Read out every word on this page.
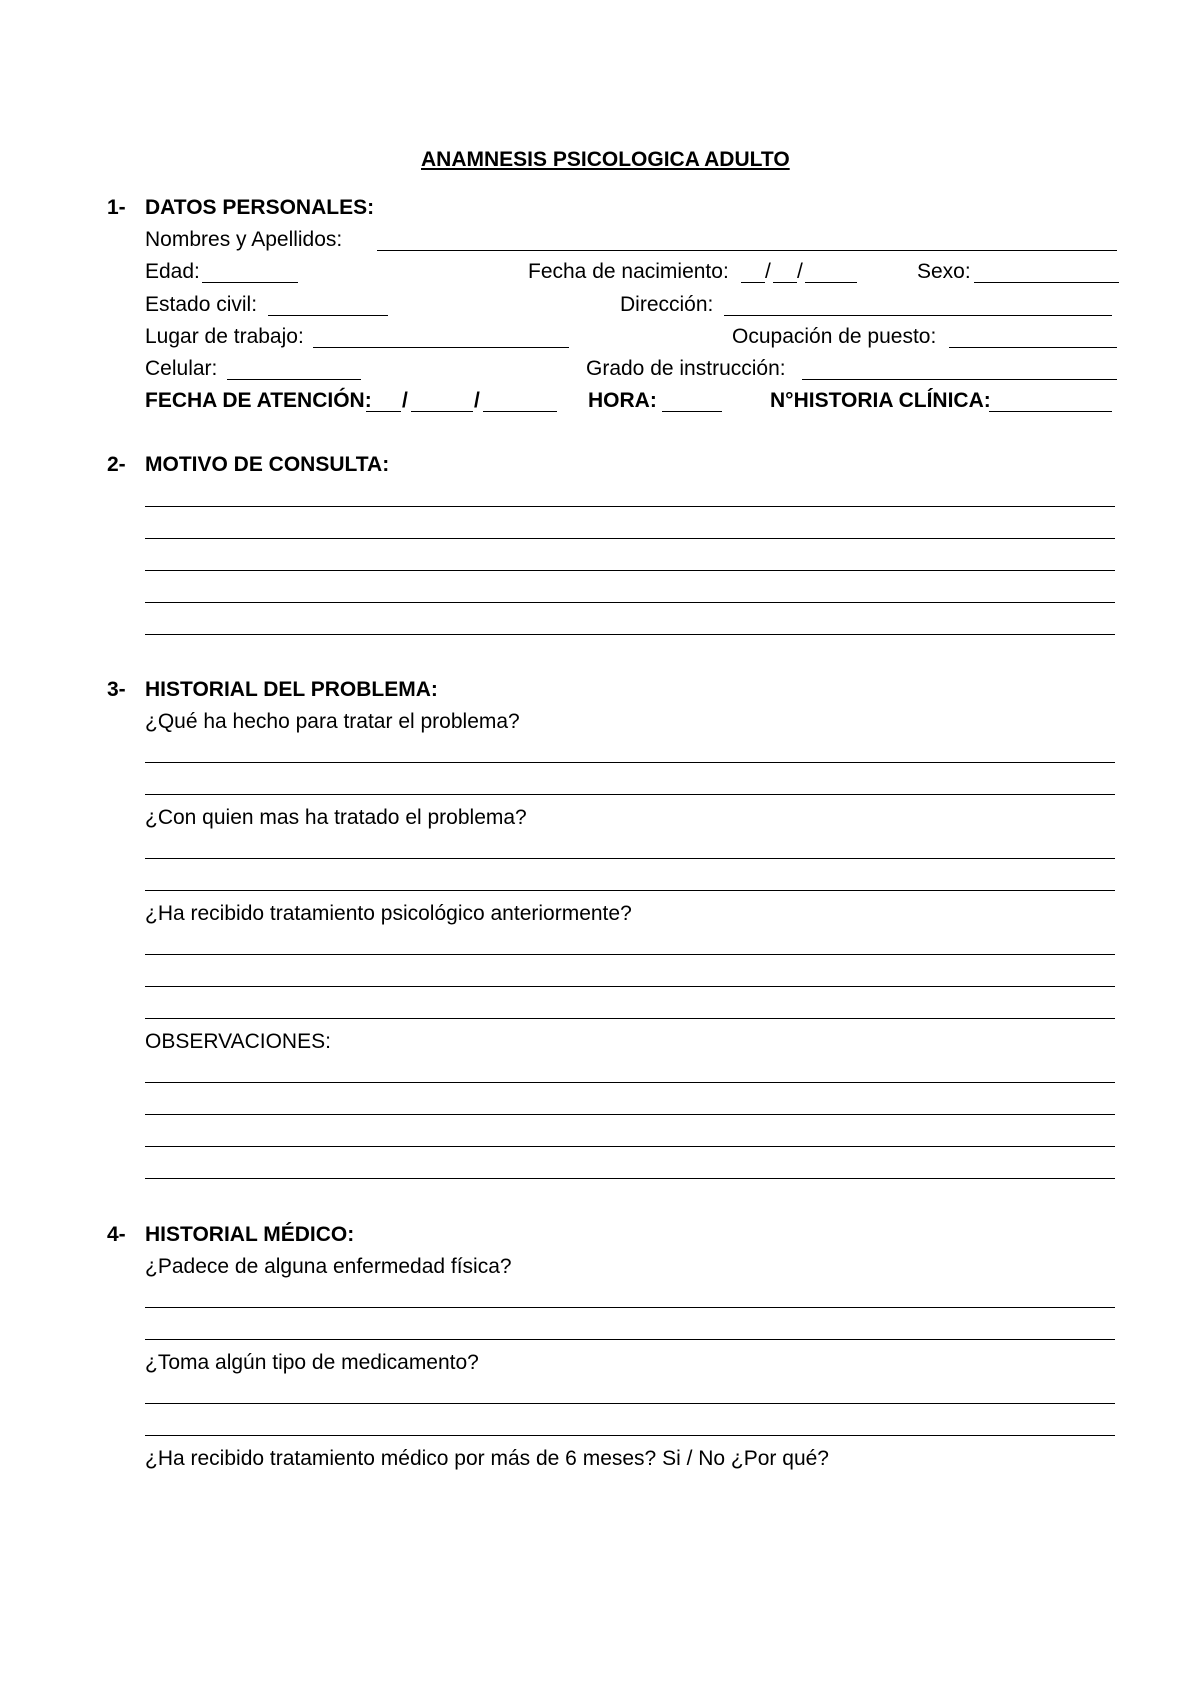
ANAMNESIS PSICOLOGICA ADULTO
1- DATOS PERSONALES:
Nombres y Apellidos:
Edad:	Fecha de nacimiento: / /	Sexo:
Estado civil:	Dirección:
Lugar de trabajo:	Ocupación de puesto:
Celular:	Grado de instrucción:
FECHA DE ATENCIÓN: /	/	HORA:	N°HISTORIA CLÍNICA:
2- MOTIVO DE CONSULTA:
3- HISTORIAL DEL PROBLEMA:
¿Qué ha hecho para tratar el problema?
¿Con quien mas ha tratado el problema?
¿Ha recibido tratamiento psicológico anteriormente?
OBSERVACIONES:
4- HISTORIAL MÉDICO:
¿Padece de alguna enfermedad física?
¿Toma algún tipo de medicamento?
¿Ha recibido tratamiento médico por más de 6 meses? Si / No ¿Por qué?
